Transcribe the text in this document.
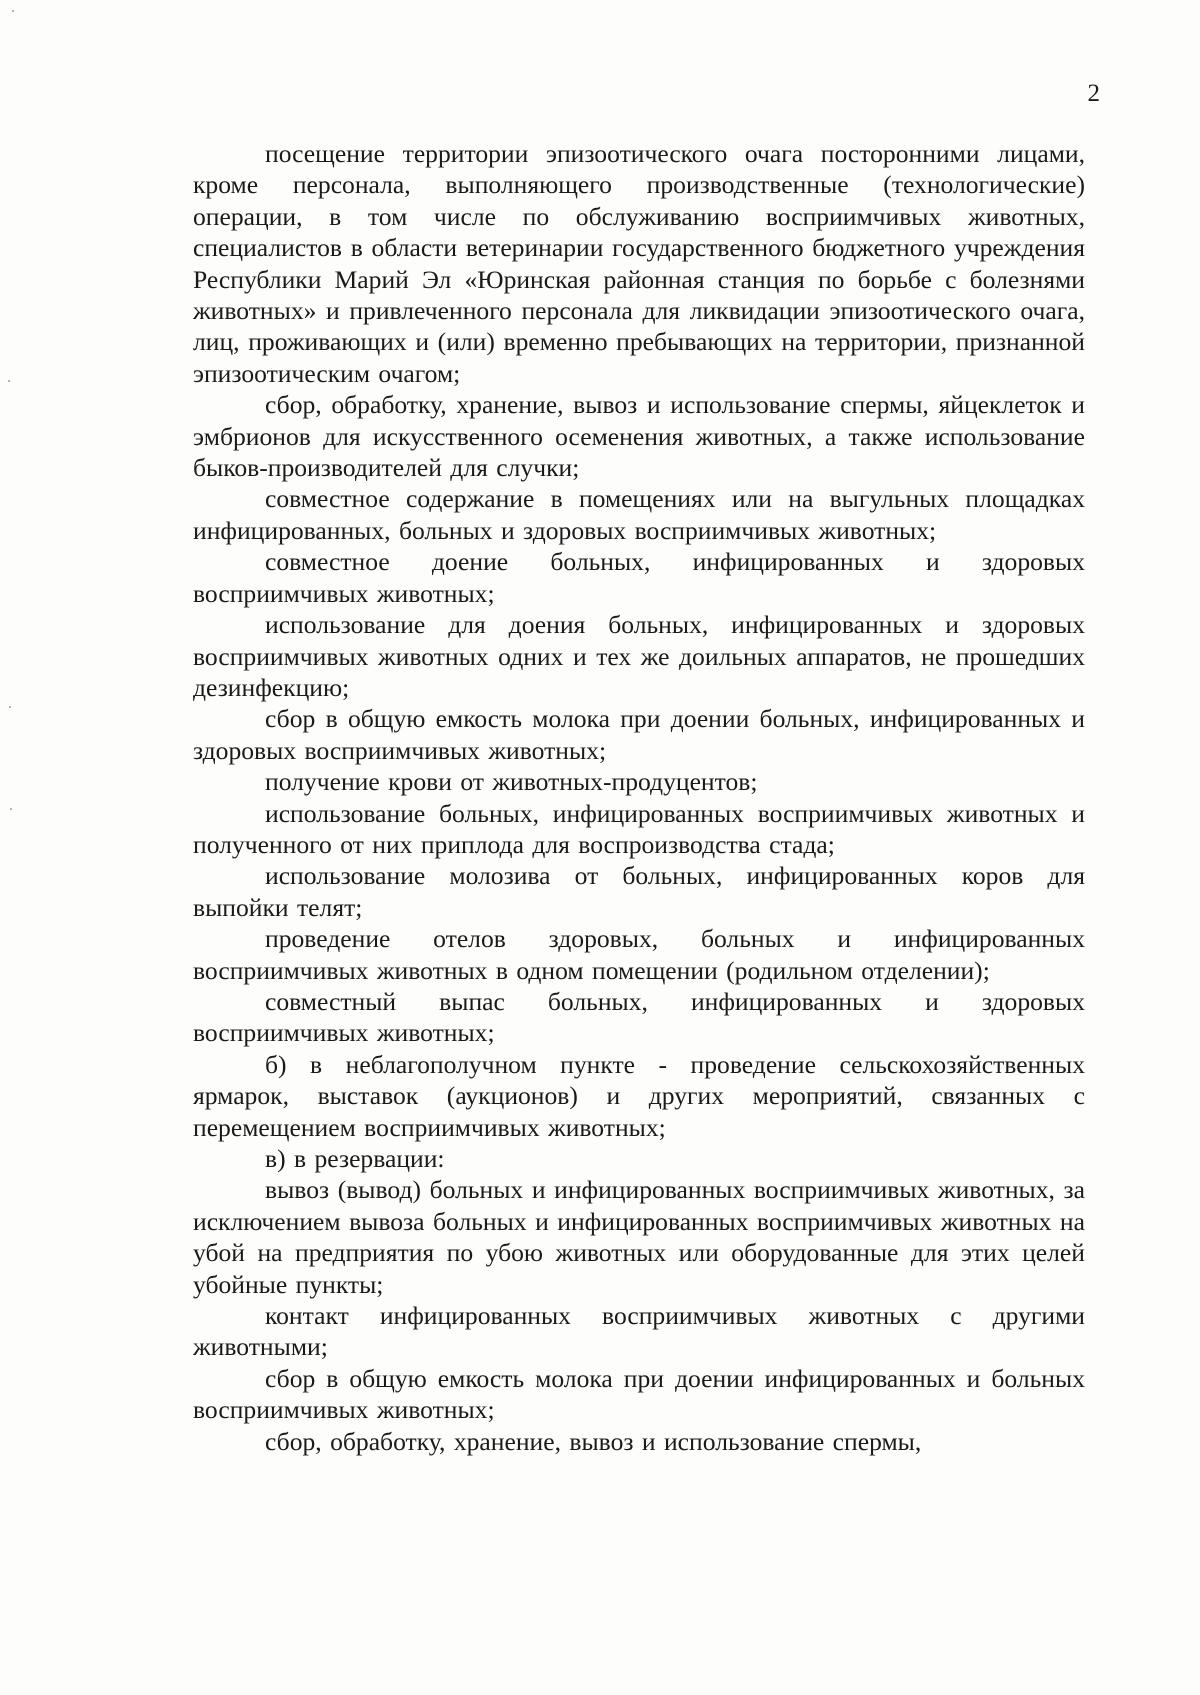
2

посещение территории эпизоотического очага посторонними лицами, кроме персонала, выполняющего производственные (технологические) операции, в том числе по обслуживанию восприимчивых животных, специалистов в области ветеринарии государственного бюджетного учреждения Республики Марий Эл «Юринская районная станция по борьбе с болезнями животных» и привлеченного персонала для ликвидации эпизоотического очага, лиц, проживающих и (или) временно пребывающих на территории, признанной эпизоотическим очагом;

сбор, обработку, хранение, вывоз и использование спермы, яйцеклеток и эмбрионов для искусственного осеменения животных, а также использование быков-производителей для случки;

совместное содержание в помещениях или на выгульных площадках инфицированных, больных и здоровых восприимчивых животных;

совместное доение больных, инфицированных и здоровых восприимчивых животных;

использование для доения больных, инфицированных и здоровых восприимчивых животных одних и тех же доильных аппаратов, не прошедших дезинфекцию;

сбор в общую емкость молока при доении больных, инфицированных и здоровых восприимчивых животных;

получение крови от животных-продуцентов;

использование больных, инфицированных восприимчивых животных и полученного от них приплода для воспроизводства стада;

использование молозива от больных, инфицированных коров для выпойки телят;

проведение отелов здоровых, больных и инфицированных восприимчивых животных в одном помещении (родильном отделении);

совместный выпас больных, инфицированных и здоровых восприимчивых животных;

б) в неблагополучном пункте - проведение сельскохозяйственных ярмарок, выставок (аукционов) и других мероприятий, связанных с перемещением восприимчивых животных;

в) в резервации:

вывоз (вывод) больных и инфицированных восприимчивых животных, за исключением вывоза больных и инфицированных восприимчивых животных на убой на предприятия по убою животных или оборудованные для этих целей убойные пункты;

контакт инфицированных восприимчивых животных с другими животными;

сбор в общую емкость молока при доении инфицированных и больных восприимчивых животных;

сбор, обработку, хранение, вывоз и использование спермы,
